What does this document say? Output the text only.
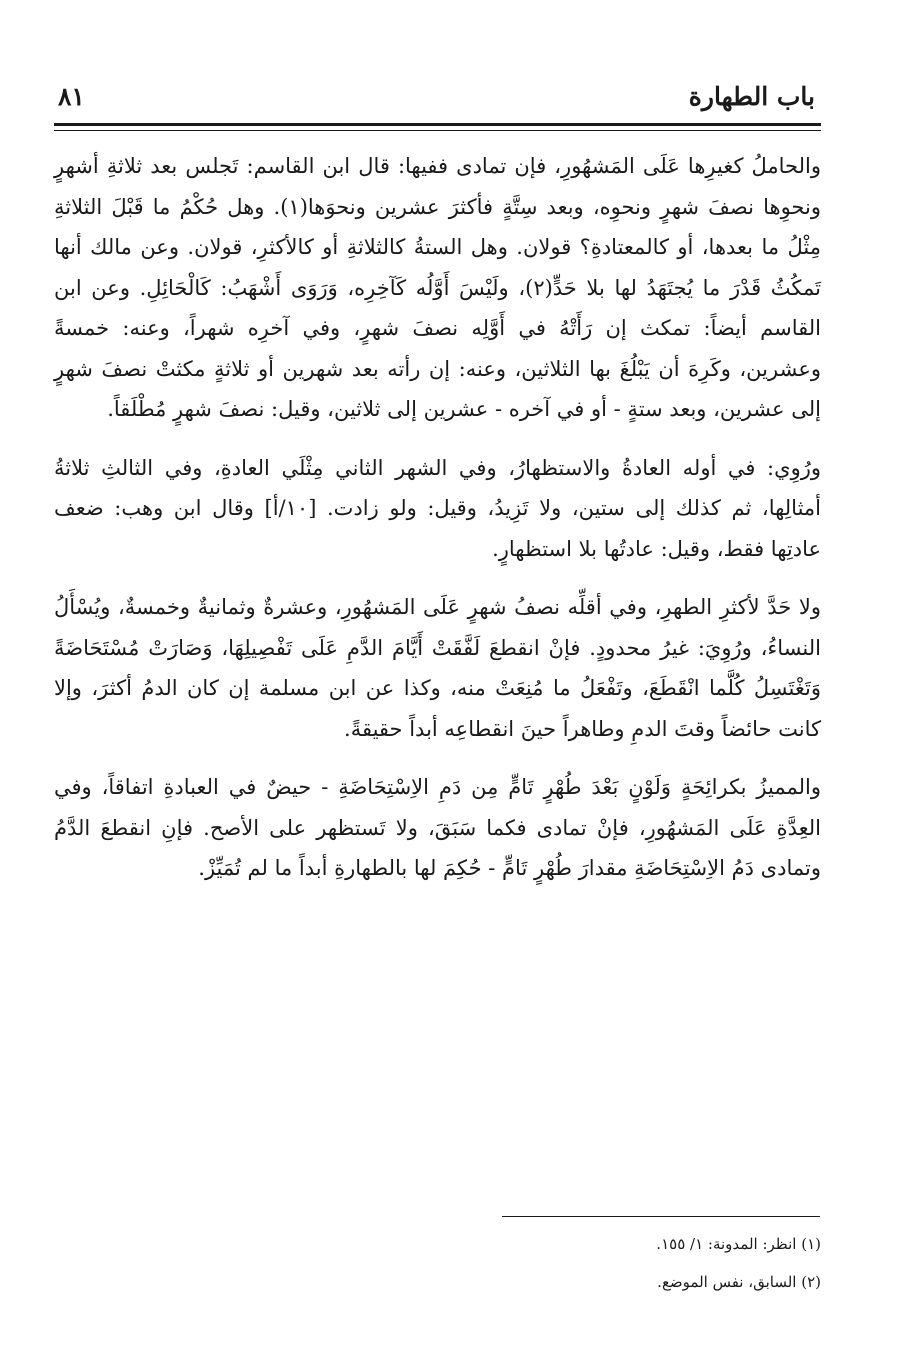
باب الطهارة
٨١

والحاملُ كغيرِها عَلَى المَشهُورِ، فإن تمادى ففيها: قال ابن القاسم: تَجلس بعد ثلاثةِ أشهرٍ ونحوِها نصفَ شهرٍ ونحوِه، وبعد سِتَّةٍ فأكثرَ عشرين ونحوَها(١). وهل حُكْمُ ما قَبْلَ الثلاثةِ مِثْلُ ما بعدها، أو كالمعتادةِ؟ قولان. وهل الستةُ كالثلاثةِ أو كالأكثرِ، قولان. وعن مالك أنها تَمكُثُ قَدْرَ ما يُجتَهَدُ لها بلا حَدٍّ(٢)، ولَيْسَ أَوَّلُه كَآخِرِه، وَرَوَى أَشْهَبُ: كَالْحَائِلِ. وعن ابن القاسم أيضاً: تمكث إن رَأَتْهُ في أَوَّلِه نصفَ شهرٍ، وفي آخرِه شهراً، وعنه: خمسةً وعشرين، وكَرِهَ أن يَبْلُغَ بها الثلاثين، وعنه: إن رأته بعد شهرين أو ثلاثةٍ مكثتْ نصفَ شهرٍ إلى عشرين، وبعد ستةٍ - أو في آخره - عشرين إلى ثلاثين، وقيل: نصفَ شهرٍ مُطْلَقاً.

ورُوِي: في أوله العادةُ والاستظهارُ، وفي الشهر الثاني مِثْلَي العادةِ، وفي الثالثِ ثلاثةُ أمثالِها، ثم كذلك إلى ستين، ولا تَزِيدُ، وقيل: ولو زادت. [١٠/أ] وقال ابن وهب: ضعف عادتِها فقط، وقيل: عادتُها بلا استظهارٍ.

ولا حَدَّ لأكثرِ الطهرِ، وفي أقلِّه نصفُ شهرٍ عَلَى المَشهُورِ، وعشرةٌ وثمانيةٌ وخمسةٌ، ويُسْأَلُ النساءُ، ورُوِيَ: غيرُ محدودٍ. فإنْ انقطعَ لَفَّقَتْ أَيَّامَ الدَّمِ عَلَى تَفْصِيلِهَا، وَصَارَتْ مُسْتَحَاضَةً وَتَغْتَسِلُ كُلَّما انْقَطَعَ، وتَفْعَلُ ما مُنِعَتْ منه، وكذا عن ابن مسلمة إن كان الدمُ أكثرَ، وإلا كانت حائضاً وقتَ الدمِ وطاهراً حينَ انقطاعِه أبداً حقيقةً.

والمميزُ بكرائِحَةٍ وَلَوْنٍ بَعْدَ طُهْرٍ تَامٍّ مِن دَمِ الاِسْتِحَاضَةِ - حيضٌ في العبادةِ اتفاقاً، وفي العِدَّةِ عَلَى المَشهُورِ، فإنْ تمادى فكما سَبَقَ، ولا تَستظهر على الأصح. فإنِ انقطعَ الدَّمُ وتمادى دَمُ الاِسْتِحَاضَةِ مقدارَ طُهْرٍ تَامٍّ - حُكِمَ لها بالطهارةِ أبداً ما لم تُمَيِّزْ.

(١) انظر: المدونة: ١/ ١٥٥.

(٢) السابق، نفس الموضع.
